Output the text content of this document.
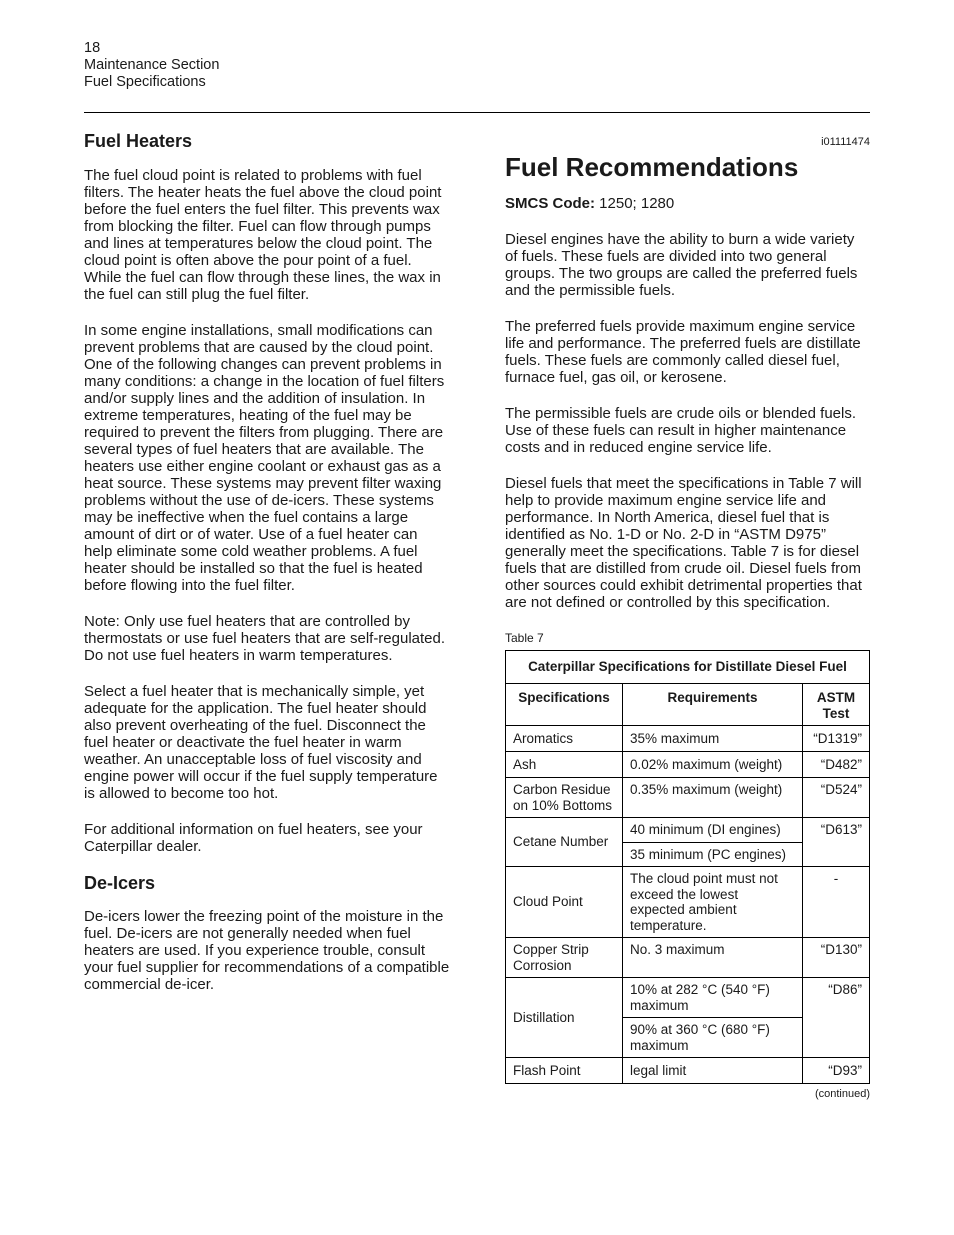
18
Maintenance Section
Fuel Specifications
Fuel Heaters

The fuel cloud point is related to problems with fuel filters. The heater heats the fuel above the cloud point before the fuel enters the fuel filter. This prevents wax from blocking the filter. Fuel can flow through pumps and lines at temperatures below the cloud point. The cloud point is often above the pour point of a fuel. While the fuel can flow through these lines, the wax in the fuel can still plug the fuel filter.

In some engine installations, small modifications can prevent problems that are caused by the cloud point. One of the following changes can prevent problems in many conditions: a change in the location of fuel filters and/or supply lines and the addition of insulation. In extreme temperatures, heating of the fuel may be required to prevent the filters from plugging. There are several types of fuel heaters that are available. The heaters use either engine coolant or exhaust gas as a heat source. These systems may prevent filter waxing problems without the use of de-icers. These systems may be ineffective when the fuel contains a large amount of dirt or of water. Use of a fuel heater can help eliminate some cold weather problems. A fuel heater should be installed so that the fuel is heated before flowing into the fuel filter.

Note: Only use fuel heaters that are controlled by thermostats or use fuel heaters that are self-regulated. Do not use fuel heaters in warm temperatures.

Select a fuel heater that is mechanically simple, yet adequate for the application. The fuel heater should also prevent overheating of the fuel. Disconnect the fuel heater or deactivate the fuel heater in warm weather. An unacceptable loss of fuel viscosity and engine power will occur if the fuel supply temperature is allowed to become too hot.

For additional information on fuel heaters, see your Caterpillar dealer.

De-Icers

De-icers lower the freezing point of the moisture in the fuel. De-icers are not generally needed when fuel heaters are used. If you experience trouble, consult your fuel supplier for recommendations of a compatible commercial de-icer.

i01111474
Fuel Recommendations

SMCS Code: 1250; 1280

Diesel engines have the ability to burn a wide variety of fuels. These fuels are divided into two general groups. The two groups are called the preferred fuels and the permissible fuels.

The preferred fuels provide maximum engine service life and performance. The preferred fuels are distillate fuels. These fuels are commonly called diesel fuel, furnace fuel, gas oil, or kerosene.

The permissible fuels are crude oils or blended fuels. Use of these fuels can result in higher maintenance costs and in reduced engine service life.

Diesel fuels that meet the specifications in Table 7 will help to provide maximum engine service life and performance. In North America, diesel fuel that is identified as No. 1-D or No. 2-D in “ASTM D975” generally meet the specifications. Table 7 is for diesel fuels that are distilled from crude oil. Diesel fuels from other sources could exhibit detrimental properties that are not defined or controlled by this specification.

Table 7
Caterpillar Specifications for Distillate Diesel Fuel		
Specifications	Requirements	ASTM
Test
Aromatics	35% maximum	“D1319”
Ash	0.02% maximum (weight)	“D482”
Carbon Residue on 10% Bottoms	0.35% maximum (weight)	“D524”
Cetane Number	40 minimum (DI engines)	“D613”
	35 minimum (PC engines)	
Cloud Point	The cloud point must not exceed the lowest expected ambient temperature.	-
Copper Strip Corrosion	No. 3 maximum	“D130”
Distillation	10% at 282 °C (540 °F) maximum	“D86”
	90% at 360 °C (680 °F) maximum	
Flash Point	legal limit	“D93”
(continued)
